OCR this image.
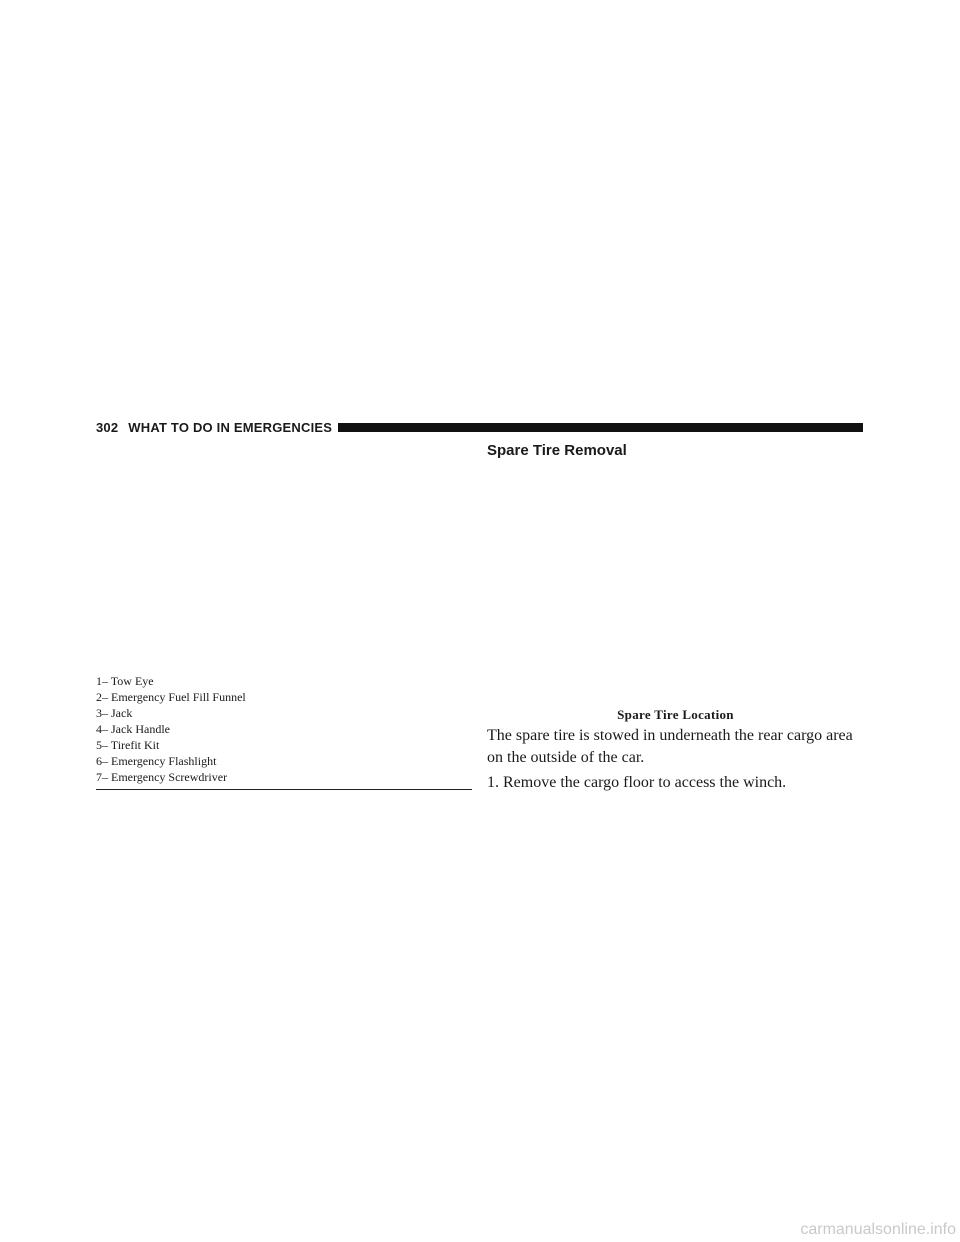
302 WHAT TO DO IN EMERGENCIES
Spare Tire Removal
1– Tow Eye
2– Emergency Fuel Fill Funnel
3– Jack
4– Jack Handle
5– Tirefit Kit
6– Emergency Flashlight
7– Emergency Screwdriver
Spare Tire Location

The spare tire is stowed in underneath the rear cargo area on the outside of the car.

1. Remove the cargo floor to access the winch.

carmanualsonline.info
